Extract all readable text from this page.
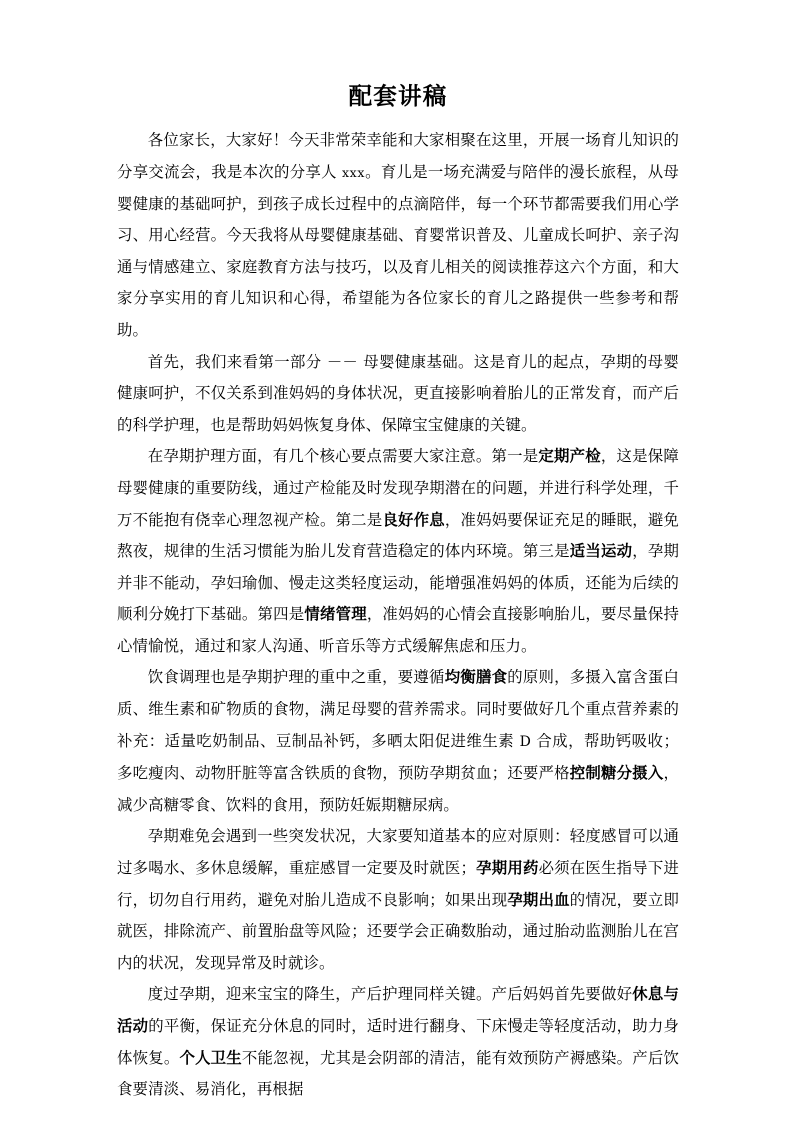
配套讲稿

各位家长，大家好！今天非常荣幸能和大家相聚在这里，开展一场育儿知识的分享交流会，我是本次的分享人 xxx。育儿是一场充满爱与陪伴的漫长旅程，从母婴健康的基础呵护，到孩子成长过程中的点滴陪伴，每一个环节都需要我们用心学习、用心经营。今天我将从母婴健康基础、育婴常识普及、儿童成长呵护、亲子沟通与情感建立、家庭教育方法与技巧，以及育儿相关的阅读推荐这六个方面，和大家分享实用的育儿知识和心得，希望能为各位家长的育儿之路提供一些参考和帮助。

首先，我们来看第一部分 －－ 母婴健康基础。这是育儿的起点，孕期的母婴健康呵护，不仅关系到准妈妈的身体状况，更直接影响着胎儿的正常发育，而产后的科学护理，也是帮助妈妈恢复身体、保障宝宝健康的关键。

在孕期护理方面，有几个核心要点需要大家注意。第一是定期产检，这是保障母婴健康的重要防线，通过产检能及时发现孕期潜在的问题，并进行科学处理，千万不能抱有侥幸心理忽视产检。第二是良好作息，准妈妈要保证充足的睡眠，避免熬夜，规律的生活习惯能为胎儿发育营造稳定的体内环境。第三是适当运动，孕期并非不能动，孕妇瑜伽、慢走这类轻度运动，能增强准妈妈的体质，还能为后续的顺利分娩打下基础。第四是情绪管理，准妈妈的心情会直接影响胎儿，要尽量保持心情愉悦，通过和家人沟通、听音乐等方式缓解焦虑和压力。

饮食调理也是孕期护理的重中之重，要遵循均衡膳食的原则，多摄入富含蛋白质、维生素和矿物质的食物，满足母婴的营养需求。同时要做好几个重点营养素的补充：适量吃奶制品、豆制品补钙，多晒太阳促进维生素 D 合成，帮助钙吸收；多吃瘦肉、动物肝脏等富含铁质的食物，预防孕期贫血；还要严格控制糖分摄入，减少高糖零食、饮料的食用，预防妊娠期糖尿病。

孕期难免会遇到一些突发状况，大家要知道基本的应对原则：轻度感冒可以通过多喝水、多休息缓解，重症感冒一定要及时就医；孕期用药必须在医生指导下进行，切勿自行用药，避免对胎儿造成不良影响；如果出现孕期出血的情况，要立即就医，排除流产、前置胎盘等风险；还要学会正确数胎动，通过胎动监测胎儿在宫内的状况，发现异常及时就诊。

度过孕期，迎来宝宝的降生，产后护理同样关键。产后妈妈首先要做好休息与活动的平衡，保证充分休息的同时，适时进行翻身、下床慢走等轻度活动，助力身体恢复。个人卫生不能忽视，尤其是会阴部的清洁，能有效预防产褥感染。产后饮食要清淡、易消化，再根据
